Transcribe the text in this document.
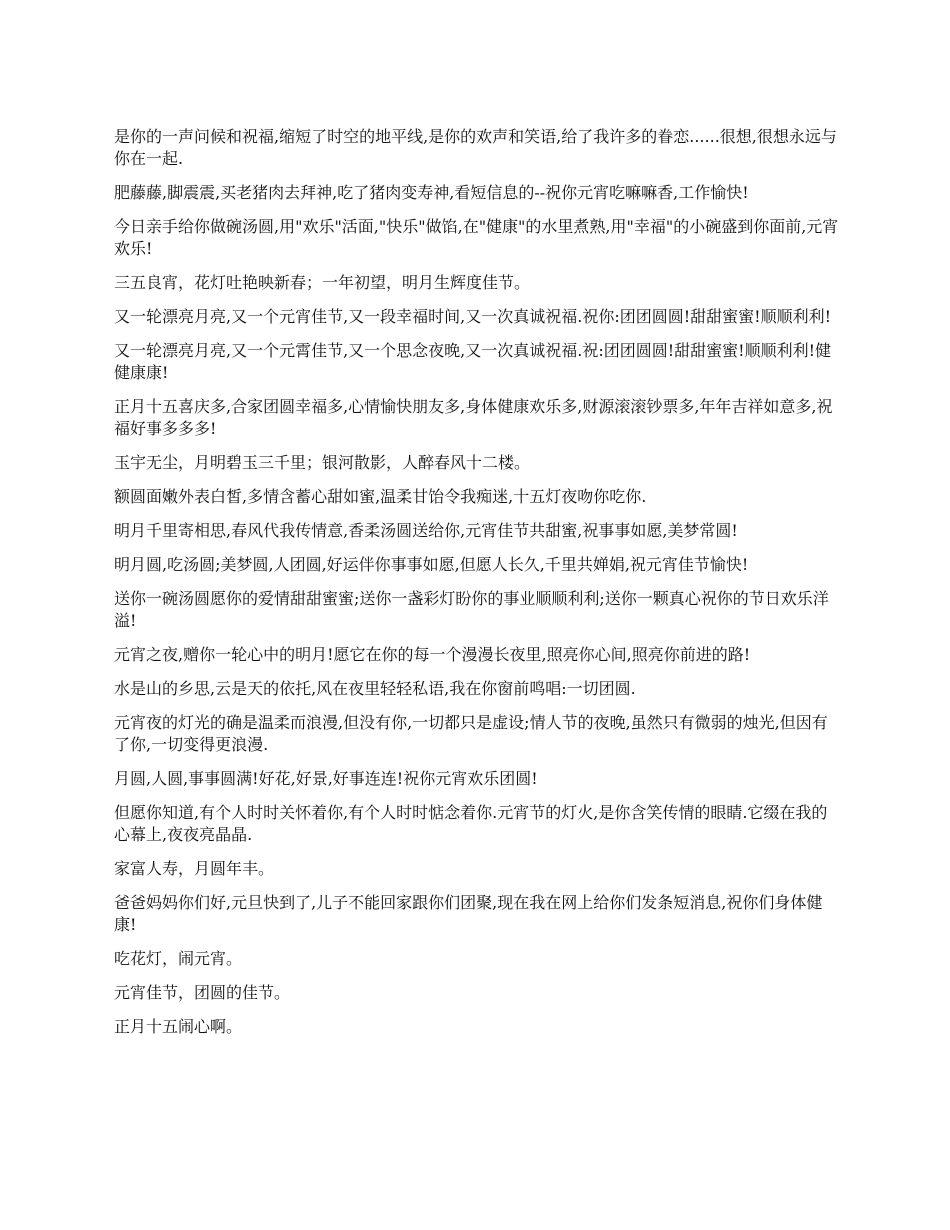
是你的一声问候和祝福,缩短了时空的地平线,是你的欢声和笑语,给了我许多的眷恋......很想,很想永远与你在一起.

肥藤藤,脚震震,买老猪肉去拜神,吃了猪肉变寿神,看短信息的--祝你元宵吃嘛嘛香,工作愉快!

今日亲手给你做碗汤圆,用"欢乐"活面,"快乐"做馅,在"健康"的水里煮熟,用"幸福"的小碗盛到你面前,元宵欢乐!

三五良宵，花灯吐艳映新春；一年初望，明月生辉度佳节。

又一轮漂亮月亮,又一个元宵佳节,又一段幸福时间,又一次真诚祝福.祝你:团团圆圆!甜甜蜜蜜!顺顺利利!

又一轮漂亮月亮,又一个元霄佳节,又一个思念夜晚,又一次真诚祝福.祝:团团圆圆!甜甜蜜蜜!顺顺利利!健健康康!

正月十五喜庆多,合家团圆幸福多,心情愉快朋友多,身体健康欢乐多,财源滚滚钞票多,年年吉祥如意多,祝福好事多多多!

玉宇无尘，月明碧玉三千里；银河散影，人醉春风十二楼。

额圆面嫩外表白皙,多情含蓄心甜如蜜,温柔甘饴令我痴迷,十五灯夜吻你吃你.

明月千里寄相思,春风代我传情意,香柔汤圆送给你,元宵佳节共甜蜜,祝事事如愿,美梦常圆!

明月圆,吃汤圆;美梦圆,人团圆,好运伴你事事如愿,但愿人长久,千里共婵娟,祝元宵佳节愉快!

送你一碗汤圆愿你的爱情甜甜蜜蜜;送你一盏彩灯盼你的事业顺顺利利;送你一颗真心祝你的节日欢乐洋溢!

元宵之夜,赠你一轮心中的明月!愿它在你的每一个漫漫长夜里,照亮你心间,照亮你前进的路!

水是山的乡思,云是天的依托,风在夜里轻轻私语,我在你窗前鸣唱:一切团圆.

元宵夜的灯光的确是温柔而浪漫,但没有你,一切都只是虚设;情人节的夜晚,虽然只有微弱的烛光,但因有了你,一切变得更浪漫.

月圆,人圆,事事圆满!好花,好景,好事连连!祝你元宵欢乐团圆!

但愿你知道,有个人时时关怀着你,有个人时时惦念着你.元宵节的灯火,是你含笑传情的眼睛.它缀在我的心幕上,夜夜亮晶晶.

家富人寿，月圆年丰。

爸爸妈妈你们好,元旦快到了,儿子不能回家跟你们团聚,现在我在网上给你们发条短消息,祝你们身体健康!

吃花灯，闹元宵。

元宵佳节，团圆的佳节。

正月十五闹心啊。
